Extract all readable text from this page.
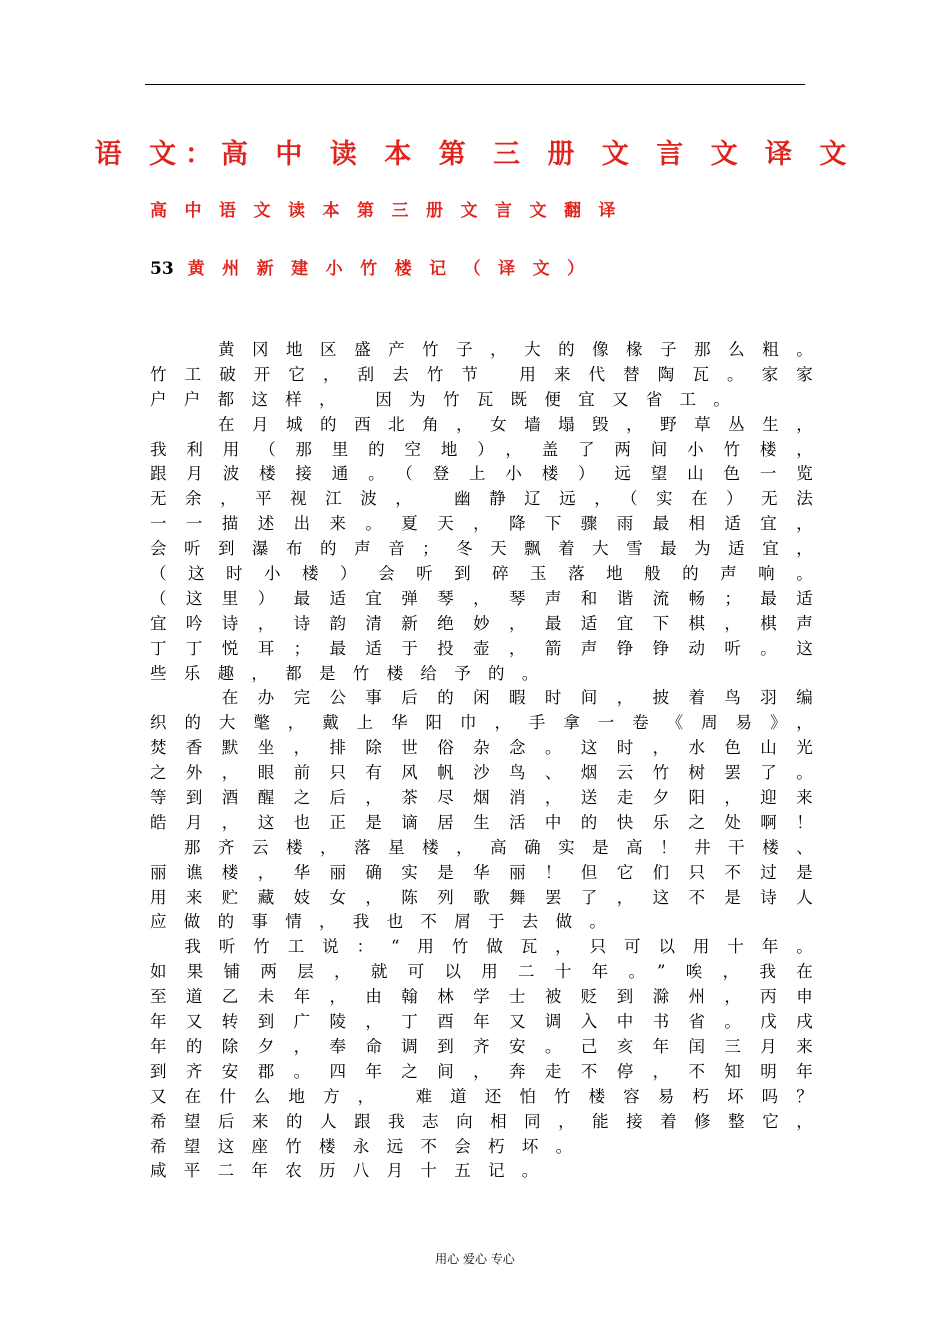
语 文：高 中 读 本 第 三 册 文 言 文 译 文
高中语文读本第三册文言文翻译
53 黄州新建小竹楼记（译文）
　　黄冈地区盛产竹子，大的像椽子那么粗。
竹工破开它，刮去竹节 用来代替陶瓦。家家
户户都这样， 因为竹瓦既便宜又省工。
　　在月城的西北角，女墙塌毁，野草丛生，
我利用（那里的空地），盖了两间小竹楼，
跟月波楼接通。（登上小楼）远望山色一览
无余，平视江波， 幽静辽远，（实在）无法
一一描述出来。夏天，降下骤雨最相适宜，
会听到瀑布的声音；冬天飘着大雪最为适宜，
（这时小楼）会听到碎玉落地般的声响。
（这里）最适宜弹琴，琴声和谐流畅；最适
宜吟诗，诗韵清新绝妙，最适宜下棋，棋声
丁丁悦耳；最适于投壶，箭声铮铮动听。这
些乐趣，都是竹楼给予的。
　　在办完公事后的闲暇时间，披着鸟羽编
织的大氅，戴上华阳巾，手拿一卷《周易》，
焚香默坐，排除世俗杂念。这时，水色山光
之外，眼前只有风帆沙鸟、烟云竹树罢了。
等到酒醒之后，茶尽烟消，送走夕阳，迎来
皓月，这也正是谪居生活中的快乐之处啊！
　那齐云楼，落星楼，高确实是高！井干楼、
丽谯楼，华丽确实是华丽！但它们只不过是
用来贮藏妓女，陈列歌舞罢了，这不是诗人
应做的事情，我也不屑于去做。
　我听竹工说：“用竹做瓦，只可以用十年。
如果铺两层，就可以用二十年。”唉，我在
至道乙未年，由翰林学士被贬到滁州，丙申
年又转到广陵，丁酉年又调入中书省。戊戌
年的除夕，奉命调到齐安。己亥年闰三月来
到齐安郡。四年之间，奔走不停，不知明年
又在什么地方， 难道还怕竹楼容易朽坏吗？
希望后来的人跟我志向相同，能接着修整它，
希望这座竹楼永远不会朽坏。
咸平二年农历八月十五记。
用心 爱心 专心
